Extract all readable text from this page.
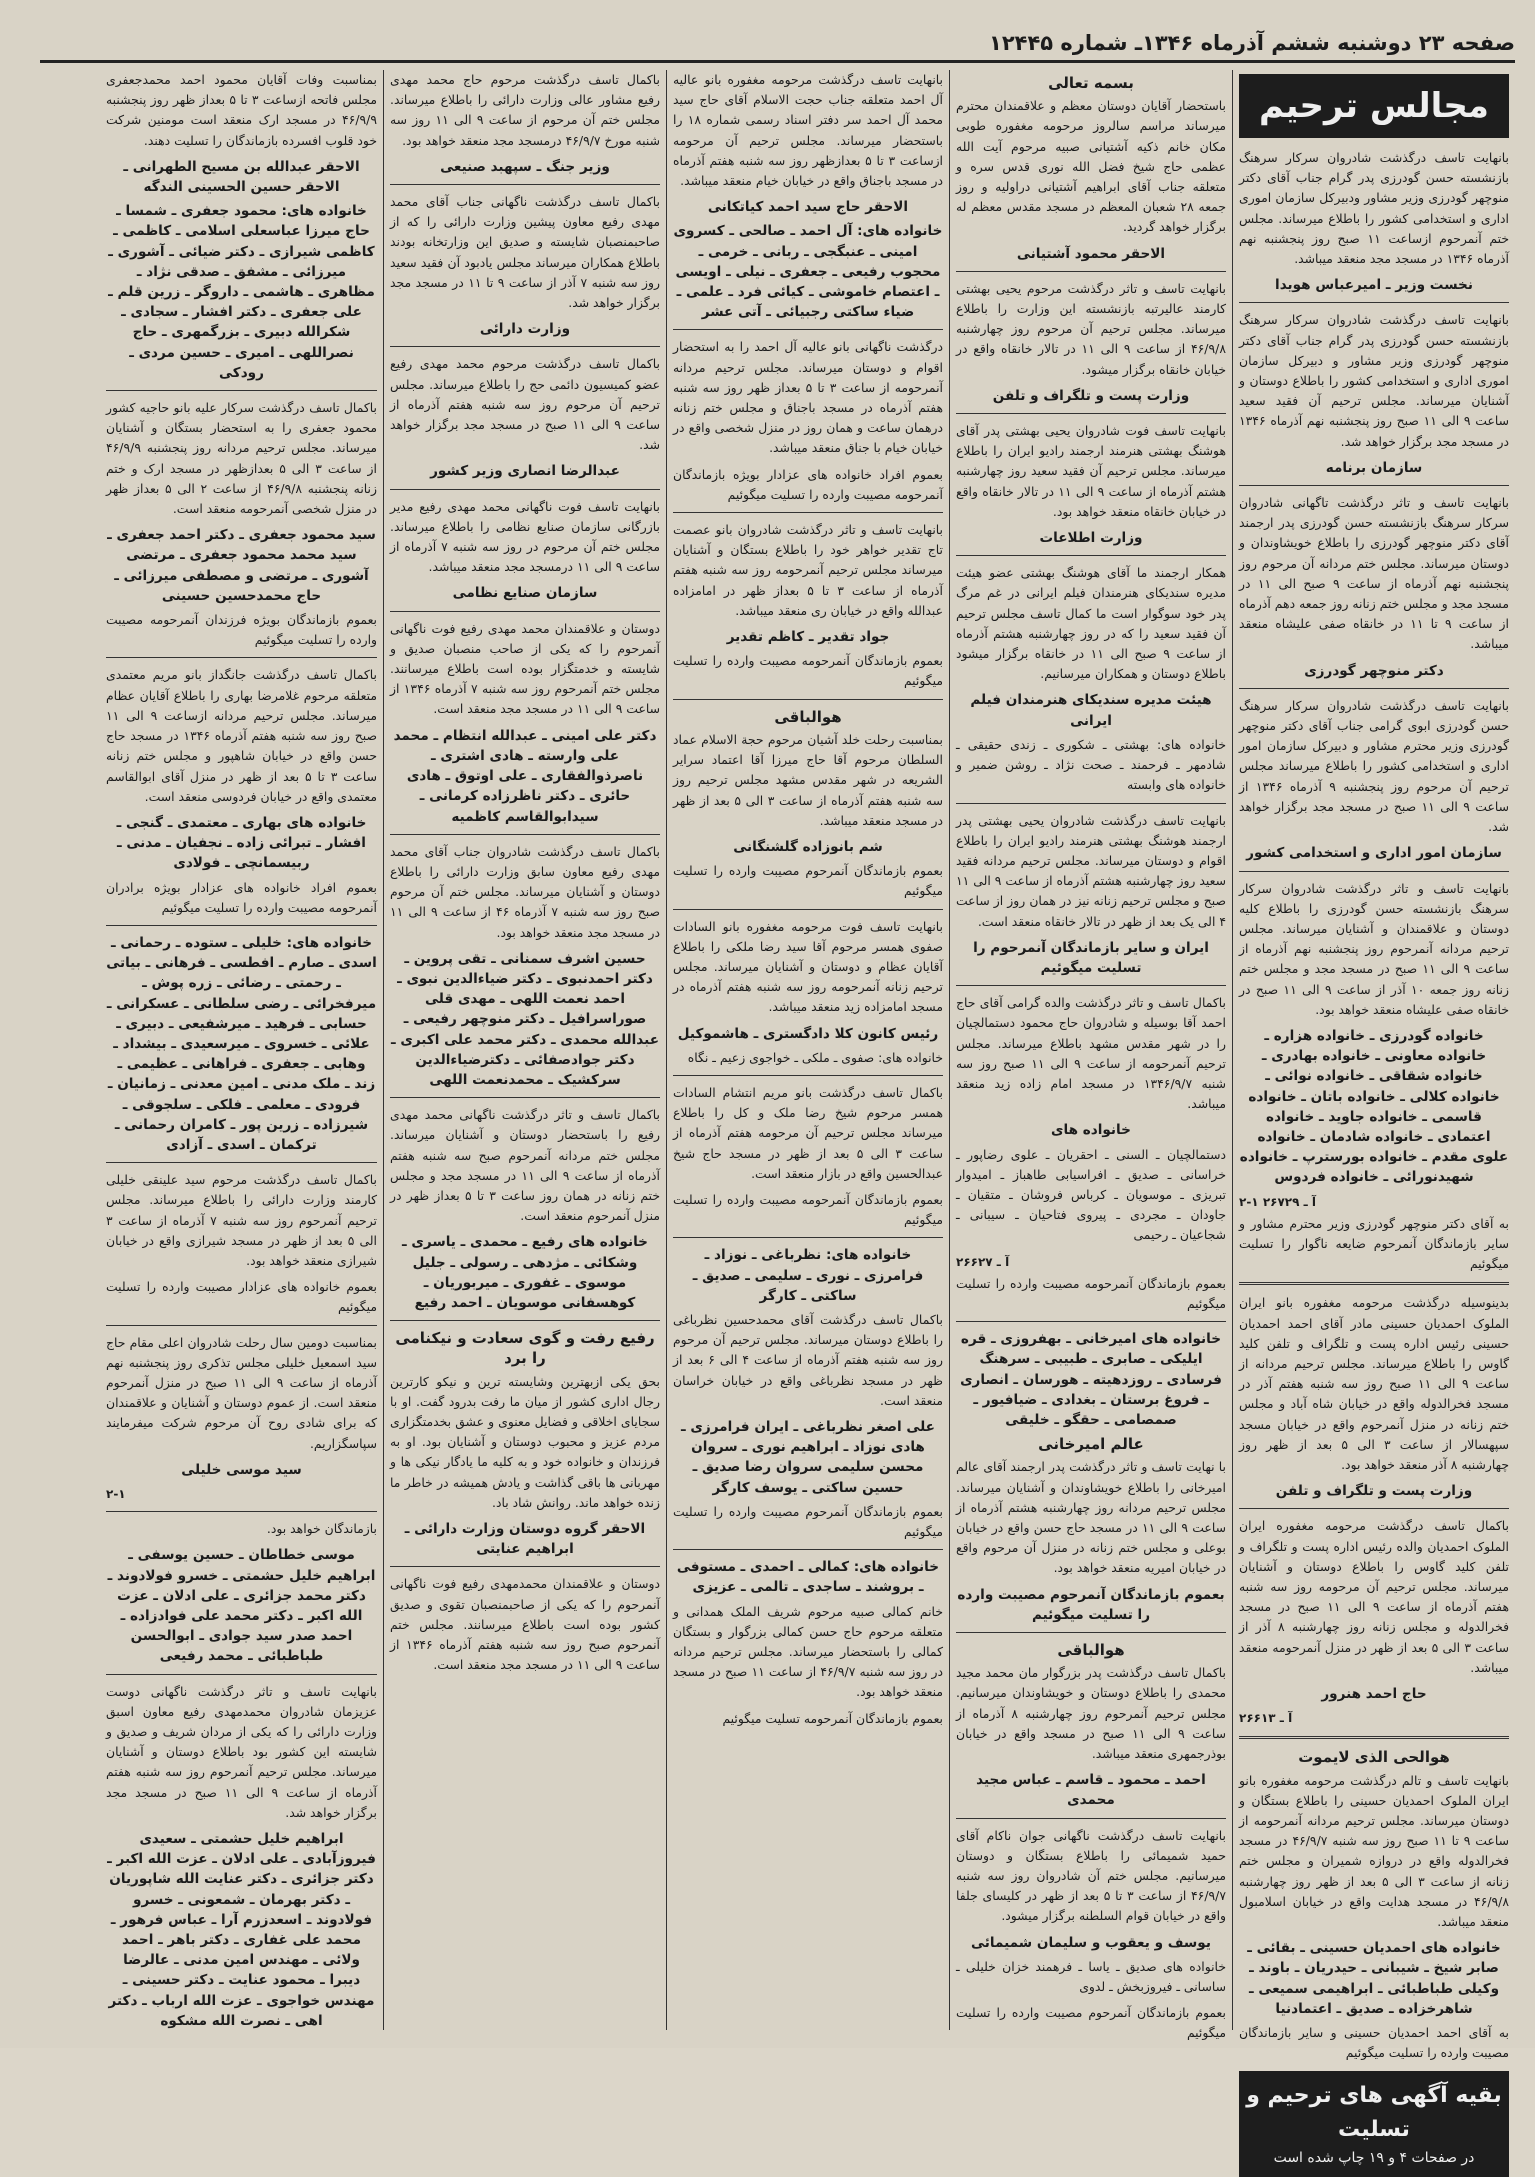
صفحه ۲۳ دوشنبه ششم آذرماه ۱۳۴۶ـ شماره ۱۲۴۴۵
مجالس ترحیم
بانهایت تاسف درگذشت شادروان سرکار سرهنگ بازنشسته حسن گودرزی پدر گرام جناب آقای دکتر منوچهر گودرزی وزیر مشاور ودبیرکل سازمان اموری اداری و استخدامی کشور را باطلاع میرساند. مجلس ختم آنمرحوم ازساعت ۱۱ صبح روز پنجشنبه نهم آذرماه ۱۳۴۶ در مسجد مجد منعقد میباشد.
نخست وزیر ـ امیرعباس هویدا
بانهایت تاسف درگذشت شادروان سرکار سرهنگ بازنشسته حسن گودرزی پدر گرام جناب آقای دکتر منوچهر گودرزی وزیر مشاور و دبیرکل سازمان اموری اداری و استخدامی کشور را باطلاع دوستان و آشنایان میرساند. مجلس ترحیم آن فقید سعید ساعت ۹ الی ۱۱ صبح روز پنجشنبه نهم آذرماه ۱۳۴۶ در مسجد مجد برگزار خواهد شد.
سازمان برنامه
بانهایت تاسف و تاثر درگذشت تاگهانی شادروان سرکار سرهنگ بازنشسته حسن گودرزی پدر ارجمند آقای دکتر منوچهر گودرزی را باطلاع خویشاوندان و دوستان میرساند. مجلس ختم مردانه آن مرحوم روز پنجشنبه نهم آذرماه از ساعت ۹ صبح الی ۱۱ در مسجد مجد و مجلس ختم زنانه روز جمعه دهم آذرماه از ساعت ۹ تا ۱۱ در خانقاه صفی علیشاه منعقد میباشد.
دکتر منوچهر گودرزی
بانهایت تاسف درگذشت شادروان سرکار سرهنگ حسن گودرزی ابوی گرامی جناب آقای دکتر منوچهر گودرزی وزیر محترم مشاور و دبیرکل سازمان امور اداری و استخدامی کشور را باطلاع میرساند مجلس ترحیم آن مرحوم روز پنجشنبه ۹ آذرماه ۱۳۴۶ از ساعت ۹ الی ۱۱ صبح در مسجد مجد برگزار خواهد شد.
سازمان امور اداری و استخدامی کشور
بانهایت تاسف و تاثر درگذشت شادروان سرکار سرهنگ بازنشسته حسن گودرزی را باطلاع کلیه دوستان و علاقمندان و آشنایان میرساند. مجلس ترحیم مردانه آنمرحوم روز پنجشنبه نهم آذرماه از ساعت ۹ الی ۱۱ صبح در مسجد مجد و مجلس ختم زنانه روز جمعه ۱۰ آذر از ساعت ۹ الی ۱۱ صبح در خانقاه صفی علیشاه منعقد خواهد بود.
خانواده گودرزی ـ خانواده هزاره ـ خانواده معاونی ـ خانواده بهادری ـ خانواده شقاقی ـ خانواده نوائی ـ خانواده کلالی ـ خانواده باتان ـ خانواده قاسمی ـ خانواده جاوید ـ خانواده اعتمادی ـ خانواده شادمان ـ خانواده علوی مقدم ـ خانواده بورسترپ ـ خانواده شهیدنورائی ـ خانواده فردوس
۲-۱ آ ـ ۲۶۷۲۹
به آقای دکتر منوچهر گودرزی وزیر محترم مشاور و سایر بازماندگان آنمرحوم ضایعه ناگوار را تسلیت میگوئیم
بدینوسیله درگذشت مرحومه مغفوره بانو ایران الملوک احمدیان حسینی مادر آقای احمد احمدیان حسینی رئیس اداره پست و تلگراف و تلفن کلید گاوس را باطلاع میرساند. مجلس ترحیم مردانه از ساعت ۹ الی ۱۱ صبح روز سه شنبه هفتم آذر در مسجد فخرالدوله واقع در خیابان شاه آباد و مجلس ختم زنانه در منزل آنمرحوم واقع در خیابان مسجد سپهسالار از ساعت ۳ الی ۵ بعد از ظهر روز چهارشنبه ۸ آذر منعقد خواهد بود.
وزارت پست و تلگراف و تلفن
باکمال تاسف درگذشت مرحومه مغفوره ایران الملوک احمدیان والده رئیس اداره پست و تلگراف و تلفن کلید گاوس را باطلاع دوستان و آشنایان میرساند. مجلس ترحیم آن مرحومه روز سه شنبه هفتم آذرماه از ساعت ۹ الی ۱۱ صبح در مسجد فخرالدوله و مجلس زنانه روز چهارشنبه ۸ آذر از ساعت ۳ الی ۵ بعد از ظهر در منزل آنمرحومه منعقد میباشد.
حاج احمد هنرور
آ ـ ۲۶۶۱۳
هوالحی الذی لایموت
بانهایت تاسف و تالم درگذشت مرحومه مغفوره بانو ایران الملوک احمدیان حسینی را باطلاع بستگان و دوستان میرساند. مجلس ترحیم مردانه آنمرحومه از ساعت ۹ تا ۱۱ صبح روز سه شنبه ۴۶/۹/۷ در مسجد فخرالدوله واقع در دروازه شمیران و مجلس ختم زنانه از ساعت ۳ الی ۵ بعد از ظهر روز چهارشنبه ۴۶/۹/۸ در مسجد هدایت واقع در خیابان اسلامبول منعقد میباشد.
خانواده های احمدیان حسینی ـ بقائی ـ صابر شیخ ـ شیبانی ـ حیدریان ـ باوند ـ وکیلی طباطبائی ـ ابراهیمی سمیعی ـ شاهرخزاده ـ صدیق ـ اعتمادنیا
به آقای احمد احمدیان حسینی و سایر بازماندگان مصیبت وارده را تسلیت میگوئیم
بقیه آگهی های ترحیم و تسلیت
در صفحات ۴ و ۱۹ چاپ شده است
بسمه تعالی
باستحضار آقایان دوستان معظم و علاقمندان محترم میرساند مراسم سالروز مرحومه مغفوره طوبی مکان خانم ذکیه آشتیانی صبیه مرحوم آیت الله عظمی حاج شیخ فضل الله نوری قدس سره و متعلقه جناب آقای ابراهیم آشتیانی دراولیه و روز جمعه ۲۸ شعبان المعظم در مسجد مقدس معظم له برگزار خواهد گردید.
الاحقر محمود آشتیانی
بانهایت تاسف و تاثر درگذشت مرحوم یحیی بهشتی کارمند عالیرتبه بازنشسته این وزارت را باطلاع میرساند. مجلس ترحیم آن مرحوم روز چهارشنبه ۴۶/۹/۸ از ساعت ۹ الی ۱۱ در تالار خانقاه واقع در خیابان خانقاه برگزار میشود.
وزارت پست و تلگراف و تلفن
بانهایت تاسف فوت شادروان یحیی بهشتی پدر آقای هوشنگ بهشتی هنرمند ارجمند رادیو ایران را باطلاع میرساند. مجلس ترحیم آن فقید سعید روز چهارشنبه هشتم آذرماه از ساعت ۹ الی ۱۱ در تالار خانقاه واقع در خیابان خانقاه منعقد خواهد بود.
وزارت اطلاعات
همکار ارجمند ما آقای هوشنگ بهشتی عضو هیئت مدیره سندیکای هنرمندان فیلم ایرانی در غم مرگ پدر خود سوگوار است ما کمال تاسف مجلس ترحیم آن فقید سعید را که در روز چهارشنبه هشتم آذرماه از ساعت ۹ صبح الی ۱۱ در خانقاه برگزار میشود باطلاع دوستان و همکاران میرسانیم.
هیئت مدیره سندیکای هنرمندان فیلم ایرانی
خانواده های: بهشتی ـ شکوری ـ زندی حقیقی ـ شادمهر ـ فرحمند ـ صحت نژاد ـ روشن ضمیر و خانواده های وابسته
بانهایت تاسف درگذشت شادروان یحیی بهشتی پدر ارجمند هوشنگ بهشتی هنرمند رادیو ایران را باطلاع اقوام و دوستان میرساند. مجلس ترحیم مردانه فقید سعید روز چهارشنبه هشتم آذرماه از ساعت ۹ الی ۱۱ صبح و مجلس ترحیم زنانه نیز در همان روز از ساعت ۴ الی یک بعد از ظهر در تالار خانقاه منعقد است.
ایران و سایر بازماندگان آنمرحوم را تسلیت میگوئیم
باکمال تاسف و تاثر درگذشت والده گرامی آقای حاج احمد آقا بوسیله و شادروان حاج محمود دستمالچیان را در شهر مقدس مشهد باطلاع میرساند. مجلس ترحیم آنمرحومه از ساعت ۹ الی ۱۱ صبح روز سه شنبه ۱۳۴۶/۹/۷ در مسجد امام زاده زید منعقد میباشد.
خانواده های
دستمالچیان ـ السنی ـ احقریان ـ علوی رضاپور ـ خراسانی ـ صدیق ـ افراسیابی طاهباز ـ امیدوار تبریزی ـ موسویان ـ کرباس فروشان ـ متقیان ـ جاودان ـ مجردی ـ پیروی فتاحیان ـ سیبانی ـ شجاعیان ـ رحیمی
آ ـ ۲۶۶۲۷
بعموم بازماندگان آنمرحومه مصیبت وارده را تسلیت میگوئیم
خانواده های امیرخانی ـ بهفروزی ـ قره ایلیکی ـ صابری ـ طبیبی ـ سرهنگ فرسادی ـ روزدهیته ـ هورسان ـ انصاری ـ فروغ برستان ـ بغدادی ـ ضیافیور ـ صمصامی ـ حقگو ـ خلیقی
عالم امیرخانی
با نهایت تاسف و تاثر درگذشت پدر ارجمند آقای عالم امیرخانی را باطلاع خویشاوندان و آشنایان میرساند. مجلس ترحیم مردانه روز چهارشنبه هشتم آذرماه از ساعت ۹ الی ۱۱ در مسجد حاج حسن واقع در خیابان بوعلی و مجلس ختم زنانه در منزل آن مرحوم واقع در خیابان امیریه منعقد خواهد بود.
بعموم بازماندگان آنمرحوم مصیبت وارده را تسلیت میگوئیم
هوالباقی
باکمال تاسف درگذشت پدر بزرگوار مان محمد مجید محمدی را باطلاع دوستان و خویشاوندان میرسانیم. مجلس ترحیم آنمرحوم روز چهارشنبه ۸ آذرماه از ساعت ۹ الی ۱۱ صبح در مسجد واقع در خیابان بوذرجمهری منعقد میباشد.
احمد ـ محمود ـ قاسم ـ عباس مجید محمدی
بانهایت تاسف درگذشت ناگهانی جوان ناکام آقای حمید شمیمائی را باطلاع بستگان و دوستان میرسانیم. مجلس ختم آن شادروان روز سه شنبه ۴۶/۹/۷ از ساعت ۳ تا ۵ بعد از ظهر در کلیسای جلفا واقع در خیابان قوام السلطنه برگزار میشود.
یوسف و یعقوب و سلیمان شمیمائی
خانواده های صدیق ـ یاسا ـ فرهمند خزان خلیلی ـ ساسانی ـ فیروزبخش ـ لدوی
بعموم بازماندگان آنمرحوم مصیبت وارده را تسلیت میگوئیم
بانهایت تاسف درگذشت مرحومه مغفوره بانو عالیه آل احمد متعلقه جناب حجت الاسلام آقای حاج سید محمد آل احمد سر دفتر اسناد رسمی شماره ۱۸ را باستحضار میرساند. مجلس ترحیم آن مرحومه ازساعت ۳ تا ۵ بعدازظهر روز سه شنبه هفتم آذرماه در مسجد باجناق واقع در خیابان خیام منعقد میباشد.
الاحقر حاج سید احمد کیاتکانی
خانواده های: آل احمد ـ صالحی ـ کسروی امینی ـ عنبگجی ـ ربانی ـ خرمی ـ محجوب رفیعی ـ جعفری ـ نیلی ـ اویسی ـ اعتصام خاموشی ـ کیائی فرد ـ علمی ـ ضیاء ساکتی رجبیائی ـ آتی عشر
درگذشت ناگهانی بانو عالیه آل احمد را به استحضار اقوام و دوستان میرساند. مجلس ترحیم مردانه آنمرحومه از ساعت ۳ تا ۵ بعداز ظهر روز سه شنبه هفتم آذرماه در مسجد باجناق و مجلس ختم زنانه درهمان ساعت و همان روز در منزل شخصی واقع در خیابان خیام با جناق منعقد میباشد.
بعموم افراد خانواده های عزادار بویژه بازماندگان آنمرحومه مصیبت وارده را تسلیت میگوئیم
بانهایت تاسف و تاثر درگذشت شادروان بانو عصمت تاج تقدیر خواهر خود را باطلاع بستگان و آشنایان میرساند مجلس ترحیم آنمرحومه روز سه شنبه هفتم آذرماه از ساعت ۳ تا ۵ بعداز ظهر در امامزاده عبدالله واقع در خیابان ری منعقد میباشد.
جواد تقدیر ـ کاظم تقدیر
بعموم بازماندگان آنمرحومه مصیبت وارده را تسلیت میگوئیم
هوالباقی
بمناسبت رحلت خلد آشیان مرحوم حجة الاسلام عماد السلطان مرحوم آقا حاج میرزا آقا اعتماد سرایر الشریعه در شهر مقدس مشهد مجلس ترحیم روز سه شنبه هفتم آذرماه از ساعت ۳ الی ۵ بعد از ظهر در مسجد منعقد میباشد.
شم بانوزاده گلشنگانی
بعموم بازماندگان آنمرحوم مصیبت وارده را تسلیت میگوئیم
بانهایت تاسف فوت مرحومه مغفوره بانو السادات صفوی همسر مرحوم آقا سید رضا ملکی را باطلاع آقایان عظام و دوستان و آشنایان میرساند. مجلس ترحیم زنانه آنمرحومه روز سه شنبه هفتم آذرماه در مسجد امامزاده زید منعقد میباشد.
رئیس کانون کلا دادگستری ـ هاشموکیل
خانواده های: صفوی ـ ملکی ـ خواجوی زعیم ـ نگاه
باکمال تاسف درگذشت بانو مریم انتشام السادات همسر مرحوم شیخ رضا ملک و کل را باطلاع میرساند مجلس ترحیم آن مرحومه هفتم آذرماه از ساعت ۳ الی ۵ بعد از ظهر در مسجد حاج شیخ عبدالحسین واقع در بازار منعقد است.
بعموم بازماندگان آنمرحومه مصیبت وارده را تسلیت میگوئیم
خانواده های: نظرباغی ـ نوزاد ـ فرامرزی ـ نوری ـ سلیمی ـ صدیق ـ ساکتی ـ کارگر
باکمال تاسف درگذشت آقای محمدحسین نظرباغی را باطلاع دوستان میرساند. مجلس ترحیم آن مرحوم روز سه شنبه هفتم آذرماه از ساعت ۴ الی ۶ بعد از ظهر در مسجد نظرباغی واقع در خیابان خراسان منعقد است.
علی اصغر نظرباغی ـ ایران فرامرزی ـ هادی نوزاد ـ ابراهیم نوری ـ سروان محسن سلیمی سروان رضا صدیق ـ حسین ساکتی ـ یوسف کارگر
بعموم بازماندگان آنمرحوم مصیبت وارده را تسلیت میگوئیم
خانواده های: کمالی ـ احمدی ـ مستوفی ـ بروشند ـ ساجدی ـ تالمی ـ عزیزی
خانم کمالی صبیه مرحوم شریف الملک همدانی و متعلقه مرحوم حاج حسن کمالی بزرگوار و بستگان کمالی را باستحضار میرساند. مجلس ترحیم مردانه در روز سه شنبه ۴۶/۹/۷ از ساعت ۱۱ صبح در مسجد منعقد خواهد بود.
بعموم بازماندگان آنمرحومه تسلیت میگوئیم
باکمال تاسف درگذشت مرحوم حاج محمد مهدی رفیع مشاور عالی وزارت دارائی را باطلاع میرساند. مجلس ختم آن مرحوم از ساعت ۹ الی ۱۱ روز سه شنبه مورخ ۴۶/۹/۷ درمسجد مجد منعقد خواهد بود.
وزیر جنگ ـ سپهبد صنیعی
باکمال تاسف درگذشت ناگهانی جناب آقای محمد مهدی رفیع معاون پیشین وزارت دارائی را که از صاحبمنصبان شایسته و صدیق این وزارتخانه بودند باطلاع همکاران میرساند مجلس یادبود آن فقید سعید روز سه شنبه ۷ آذر از ساعت ۹ تا ۱۱ در مسجد مجد برگزار خواهد شد.
وزارت دارائی
باکمال تاسف درگذشت مرحوم محمد مهدی رفیع عضو کمیسیون دائمی حج را باطلاع میرساند. مجلس ترحیم آن مرحوم روز سه شنبه هفتم آذرماه از ساعت ۹ الی ۱۱ صبح در مسجد مجد برگزار خواهد شد.
عبدالرضا انصاری وزیر کشور
بانهایت تاسف فوت ناگهانی محمد مهدی رفیع مدیر بازرگانی سازمان صنایع نظامی را باطلاع میرساند. مجلس ختم آن مرحوم در روز سه شنبه ۷ آذرماه از ساعت ۹ الی ۱۱ درمسجد مجد منعقد میباشد.
سازمان صنایع نظامی
دوستان و علاقمندان محمد مهدی رفیع فوت ناگهانی آنمرحوم را که یکی از صاحب منصبان صدیق و شایسته و خدمتگزار بوده است باطلاع میرسانند. مجلس ختم آنمرحوم روز سه شنبه ۷ آذرماه ۱۳۴۶ از ساعت ۹ الی ۱۱ در مسجد مجد منعقد است.
دکتر علی امینی ـ عبدالله انتظام ـ محمد علی وارسته ـ هادی اشتری ـ ناصرذوالفقاری ـ علی اوتوق ـ هادی حائری ـ دکتر ناظرزاده کرمانی ـ سیدابوالقاسم کاظمیه
باکمال تاسف درگذشت شادروان جناب آقای محمد مهدی رفیع معاون سابق وزارت دارائی را باطلاع دوستان و آشنایان میرساند. مجلس ختم آن مرحوم صبح روز سه شنبه ۷ آذرماه ۴۶ از ساعت ۹ الی ۱۱ در مسجد مجد منعقد خواهد بود.
حسین اشرف سمنانی ـ تقی پروین ـ دکتر احمدنبوی ـ دکتر ضیاءالدین نبوی ـ احمد نعمت اللهی ـ مهدی قلی صوراسرافیل ـ دکتر منوچهر رفیعی ـ عبدالله محمدی ـ دکتر محمد علی اکبری ـ دکتر جوادصفائی ـ دکترضیاءالدین سرکشیک ـ محمدنعمت اللهی
باکمال تاسف و تاثر درگذشت ناگهانی محمد مهدی رفیع را باستحضار دوستان و آشنایان میرساند. مجلس ختم مردانه آنمرحوم صبح سه شنبه هفتم آذرماه از ساعت ۹ الی ۱۱ در مسجد مجد و مجلس ختم زنانه در همان روز ساعت ۳ تا ۵ بعداز ظهر در منزل آنمرحوم منعقد است.
خانواده های رفیع ـ محمدی ـ یاسری ـ وشکائی ـ مژدهی ـ رسولی ـ جلیل موسوی ـ غفوری ـ میربوریان ـ کوهسفانی موسویان ـ احمد رفیع
رفیع رفت و گوی سعادت و نیکنامی را برد
بحق یکی ازبهترین وشایسته ترین و نیکو کارترین رجال اداری کشور از میان ما رفت بدرود گفت. او با سجایای اخلاقی و فضایل معنوی و عشق بخدمتگزاری مردم عزیز و محبوب دوستان و آشنایان بود. او به فرزندان و خانواده خود و به کلیه ما یادگار نیکی ها و مهربانی ها باقی گذاشت و یادش همیشه در خاطر ما زنده خواهد ماند. روانش شاد باد.
الاحقر گروه دوستان وزارت دارائی ـ ابراهیم عنایتی
دوستان و علاقمندان محمدمهدی رفیع فوت ناگهانی آنمرحوم را که یکی از صاحبمنصبان تقوی و صدیق کشور بوده است باطلاع میرسانند. مجلس ختم آنمرحوم صبح روز سه شنبه هفتم آذرماه ۱۳۴۶ از ساعت ۹ الی ۱۱ در مسجد مجد منعقد است.
بمناسبت وفات آقایان محمود احمد محمدجعفری مجلس فاتحه ازساعت ۳ تا ۵ بعداز ظهر روز پنجشنبه ۴۶/۹/۹ در مسجد ارک منعقد است مومنین شرکت خود قلوب افسرده بازماندگان را تسلیت دهند.
الاحقر عبدالله بن مسیح الطهرانی ـ الاحقر حسین الحسینی الندگه
خانواده های: محمود جعفری ـ شمسا ـ حاج میرزا عباسعلی اسلامی ـ کاظمی ـ کاظمی شیرازی ـ دکتر ضیائی ـ آشوری ـ میرزائی ـ مشفق ـ صدقی نژاد ـ مظاهری ـ هاشمی ـ داروگر ـ زرین قلم ـ علی جعفری ـ دکتر افشار ـ سجادی ـ شکرالله دبیری ـ بزرگمهری ـ حاج نصراللهی ـ امیری ـ حسین مردی ـ رودکی
باکمال تاسف درگذشت سرکار علیه بانو حاجیه کشور محمود جعفری را به استحضار بستگان و آشنایان میرساند. مجلس ترحیم مردانه روز پنجشنبه ۴۶/۹/۹ از ساعت ۳ الی ۵ بعدازظهر در مسجد ارک و ختم زنانه پنجشنبه ۴۶/۹/۸ از ساعت ۲ الی ۵ بعداز ظهر در منزل شخصی آنمرحومه منعقد است.
سید محمود جعفری ـ دکتر احمد جعفری ـ سید محمد محمود جعفری ـ مرتضی آشوری ـ مرتضی و مصطفی میرزائی ـ حاج محمدحسین حسینی
بعموم بازماندگان بویژه فرزندان آنمرحومه مصیبت وارده را تسلیت میگوئیم
باکمال تاسف درگذشت جانگداز بانو مریم معتمدی متعلقه مرحوم غلامرضا بهاری را باطلاع آقایان عظام میرساند. مجلس ترحیم مردانه ازساعت ۹ الی ۱۱ صبح روز سه شنبه هفتم آذرماه ۱۳۴۶ در مسجد حاج حسن واقع در خیابان شاهپور و مجلس ختم زنانه ساعت ۳ تا ۵ بعد از ظهر در منزل آقای ابوالقاسم معتمدی واقع در خیابان فردوسی منعقد است.
خانواده های بهاری ـ معتمدی ـ گنجی ـ افشار ـ تبرائی زاده ـ نجفیان ـ مدنی ـ ربیسمانچی ـ فولادی
بعموم افراد خانواده های عزادار بویژه برادران آنمرحومه مصیبت وارده را تسلیت میگوئیم
خانواده های: خلیلی ـ ستوده ـ رحمانی ـ اسدی ـ صارم ـ افطسی ـ فرهانی ـ بیاتی ـ رحمتی ـ رضائی ـ زره پوش ـ میرفخرائی ـ رضی سلطانی ـ عسکرانی ـ حسابی ـ فرهید ـ میرشفیعی ـ دبیری ـ علائی ـ خسروی ـ میرسعیدی ـ بیشداد ـ وهابی ـ جعفری ـ فراهانی ـ عظیمی ـ زند ـ ملک مدنی ـ امین معدنی ـ زمانیان ـ فرودی ـ معلمی ـ فلکی ـ سلجوقی ـ شیرزاده ـ زرین پور ـ کامران رحمانی ـ ترکمان ـ اسدی ـ آزادی
باکمال تاسف درگذشت مرحوم سید علینقی خلیلی کارمند وزارت دارائی را باطلاع میرساند. مجلس ترحیم آنمرحوم روز سه شنبه ۷ آذرماه از ساعت ۳ الی ۵ بعد از ظهر در مسجد شیرازی واقع در خیابان شیرازی منعقد خواهد بود.
بعموم خانواده های عزادار مصیبت وارده را تسلیت میگوئیم
بمناسبت دومین سال رحلت شادروان اعلی مقام حاج سید اسمعیل خلیلی مجلس تذکری روز پنجشنبه نهم آذرماه از ساعت ۹ الی ۱۱ صبح در منزل آنمرحوم منعقد است. از عموم دوستان و آشنایان و علاقمندان که برای شادی روح آن مرحوم شرکت میفرمایند سپاسگزاریم.
سید موسی خلیلی
۲-۱
بازماندگان خواهد بود.
موسی خطاطان ـ حسین یوسفی ـ ابراهیم خلیل حشمتی ـ خسرو فولادوند ـ دکتر محمد جزائری ـ علی ادلان ـ عزت الله اکبر ـ دکتر محمد علی فوادزاده ـ احمد صدر سید جوادی ـ ابوالحسن طباطبائی ـ محمد رفیعی
بانهایت تاسف و تاثر درگذشت ناگهانی دوست عزیزمان شادروان محمدمهدی رفیع معاون اسبق وزارت دارائی را که یکی از مردان شریف و صدیق و شایسته این کشور بود باطلاع دوستان و آشنایان میرساند. مجلس ترحیم آنمرحوم روز سه شنبه هفتم آذرماه از ساعت ۹ الی ۱۱ صبح در مسجد مجد برگزار خواهد شد.
ابراهیم خلیل حشمتی ـ سعیدی فیروزآبادی ـ علی ادلان ـ عزت الله اکبر ـ دکتر جزائری ـ دکتر عنایت الله شاپوریان ـ دکتر بهرمان ـ شمعونی ـ خسرو فولادوند ـ اسعدزرم آرا ـ عباس فرهور ـ محمد علی غفاری ـ دکتر باهر ـ احمد ولائی ـ مهندس امین مدنی ـ عالرضا دیبرا ـ محمود عنایت ـ دکتر حسینی ـ مهندس خواجوی ـ عزت الله ارباب ـ دکتر اهی ـ نصرت الله مشکوه
